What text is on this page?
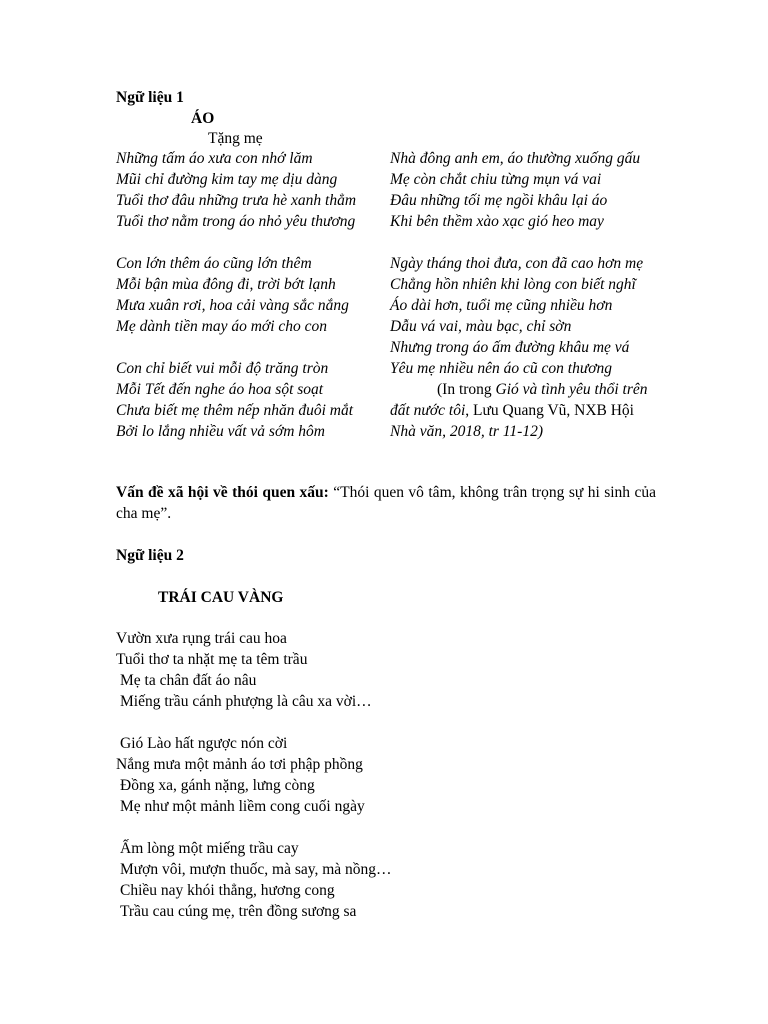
Ngữ liệu 1
ÁO
Tặng mẹ
Những tấm áo xưa con nhớ lăm
Mũi chỉ đường kim tay mẹ dịu dàng
Tuổi thơ đâu những trưa hè xanh thẳm
Tuổi thơ nằm trong áo nhỏ yêu thương
Con lớn thêm áo cũng lớn thêm
Mỗi bận mùa đông đi, trời bớt lạnh
Mưa xuân rơi, hoa cải vàng sắc nắng
Mẹ dành tiền may áo mới cho con
Con chỉ biết vui mỗi độ trăng tròn
Mỗi Tết đến nghe áo hoa sột soạt
Chưa biết mẹ thêm nếp nhăn đuôi mắt
Bởi lo lắng nhiều vất vả sớm hôm
Nhà đông anh em, áo thường xuống gấu
Mẹ còn chắt chiu từng mụn vá vai
Đâu những tối mẹ ngồi khâu lại áo
Khi bên thềm xào xạc gió heo may
Ngày tháng thoi đưa, con đã cao hơn mẹ
Chẳng hồn nhiên khi lòng con biết nghĩ
Áo dài hơn, tuổi mẹ cũng nhiều hơn
Dẫu vá vai, màu bạc, chỉ sờn
Nhưng trong áo ấm đường khâu mẹ vá
Yêu mẹ nhiều nên áo cũ con thương
(In trong Gió và tình yêu thổi trên
đất nước tôi, Lưu Quang Vũ, NXB Hội
Nhà văn, 2018, tr 11-12)
Vấn đề xã hội về thói quen xấu: “Thói quen vô tâm, không trân trọng sự hi sinh của cha mẹ”.
Ngữ liệu 2
TRÁI CAU VÀNG
Vườn xưa rụng trái cau hoa
Tuổi thơ ta nhặt mẹ ta têm trầu
Mẹ ta chân đất áo nâu
Miếng trầu cánh phượng là câu xa vời…
Gió Lào hất ngược nón cời
Nắng mưa một mảnh áo tơi phập phồng
Đồng xa, gánh nặng, lưng còng
Mẹ như một mảnh liềm cong cuối ngày
Ấm lòng một miếng trầu cay
Mượn vôi, mượn thuốc, mà say, mà nồng…
Chiều nay khói thẳng, hương cong
Trầu cau cúng mẹ, trên đồng sương sa
